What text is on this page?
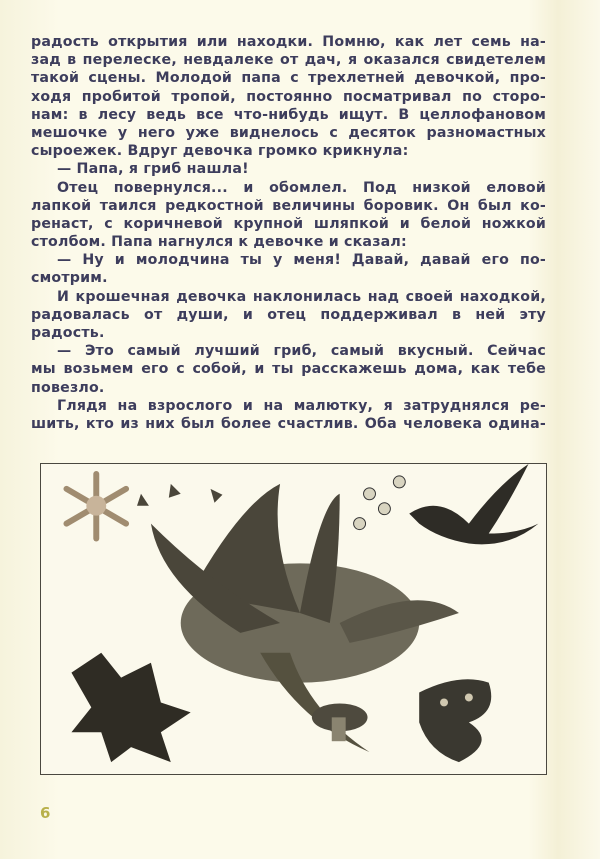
радость открытия или находки. Помню, как лет семь на-
зад в перелеске, невдалеке от дач, я оказался свидетелем
такой сцены. Молодой папа с трехлетней девочкой, про-
ходя пробитой тропой, постоянно посматривал по сторо-
нам: в лесу ведь все что-нибудь ищут. В целлофановом
мешочке у него уже виднелось с десяток разномастных
сыроежек. Вдруг девочка громко крикнула:
— Папа, я гриб нашла!
Отец повернулся... и обомлел. Под низкой еловой
лапкой таился редкостной величины боровик. Он был ко-
ренаст, с коричневой крупной шляпкой и белой ножкой
столбом. Папа нагнулся к девочке и сказал:
— Ну и молодчина ты у меня! Давай, давай его по-
смотрим.
И крошечная девочка наклонилась над своей находкой,
радовалась от души, и отец поддерживал в ней эту
радость.
— Это самый лучший гриб, самый вкусный. Сейчас
мы возьмем его с собой, и ты расскажешь дома, как тебе
повезло.
Глядя на взрослого и на малютку, я затруднялся ре-
шить, кто из них был более счастлив. Оба человека одина-
6
